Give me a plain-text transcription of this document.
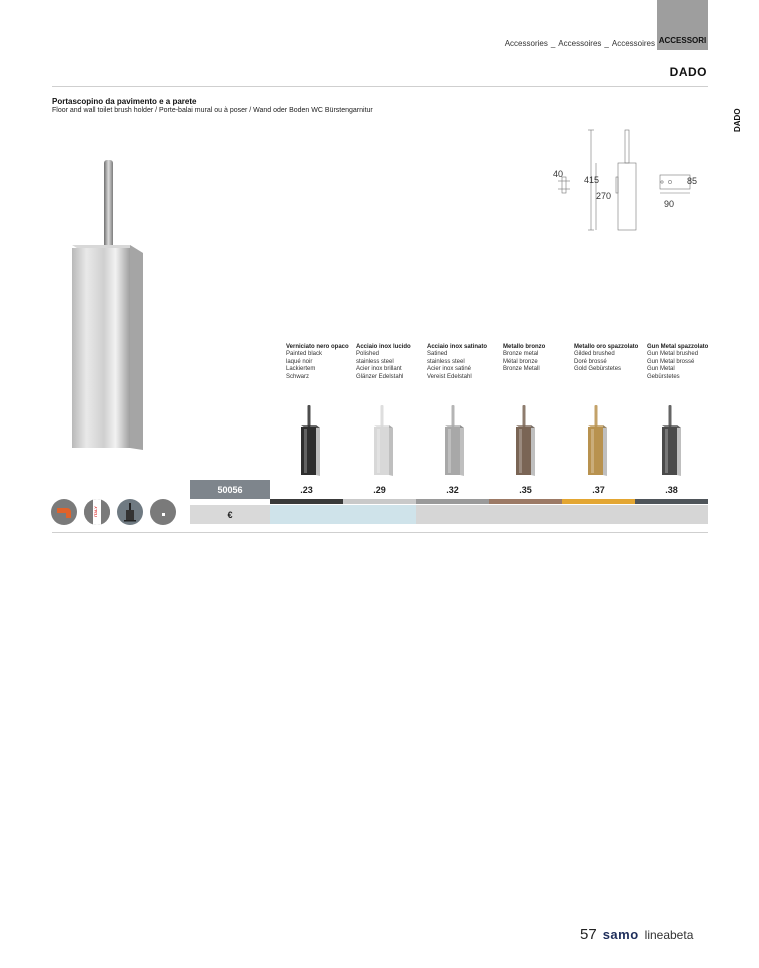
ACCESSORI
Accessories _ Accessoires _ Accessoires
DADO
DADO
Portascopino da pavimento e a parete
Floor and wall toilet brush holder / Porte-balai mural ou à poser / Wand oder Boden WC Bürstengarnitur
40
415
270
85
90
Verniciato nero opaco
Painted black
laqué noir
Lackiertem
Schwarz
Acciaio inox lucido
Polished
stainless steel
Acier inox brillant
Glänzer Edelstahl
Acciaio inox satinato
Satined
stainless steel
Acier inox satiné
Vereist Edelstahl
Metallo bronzo
Bronze metal
Métal bronze
Bronze Metall
Metallo oro spazzolato
Gilded brushed
Doré brossé
Gold Gebürstetes
Gun Metal spazzolato
Gun Metal brushed
Gun Metal brossé
Gun Metal
Gebürstetes
50056	.23	.29	.32	.35	.37	.38
€
ITALY
57 samo lineabeta
